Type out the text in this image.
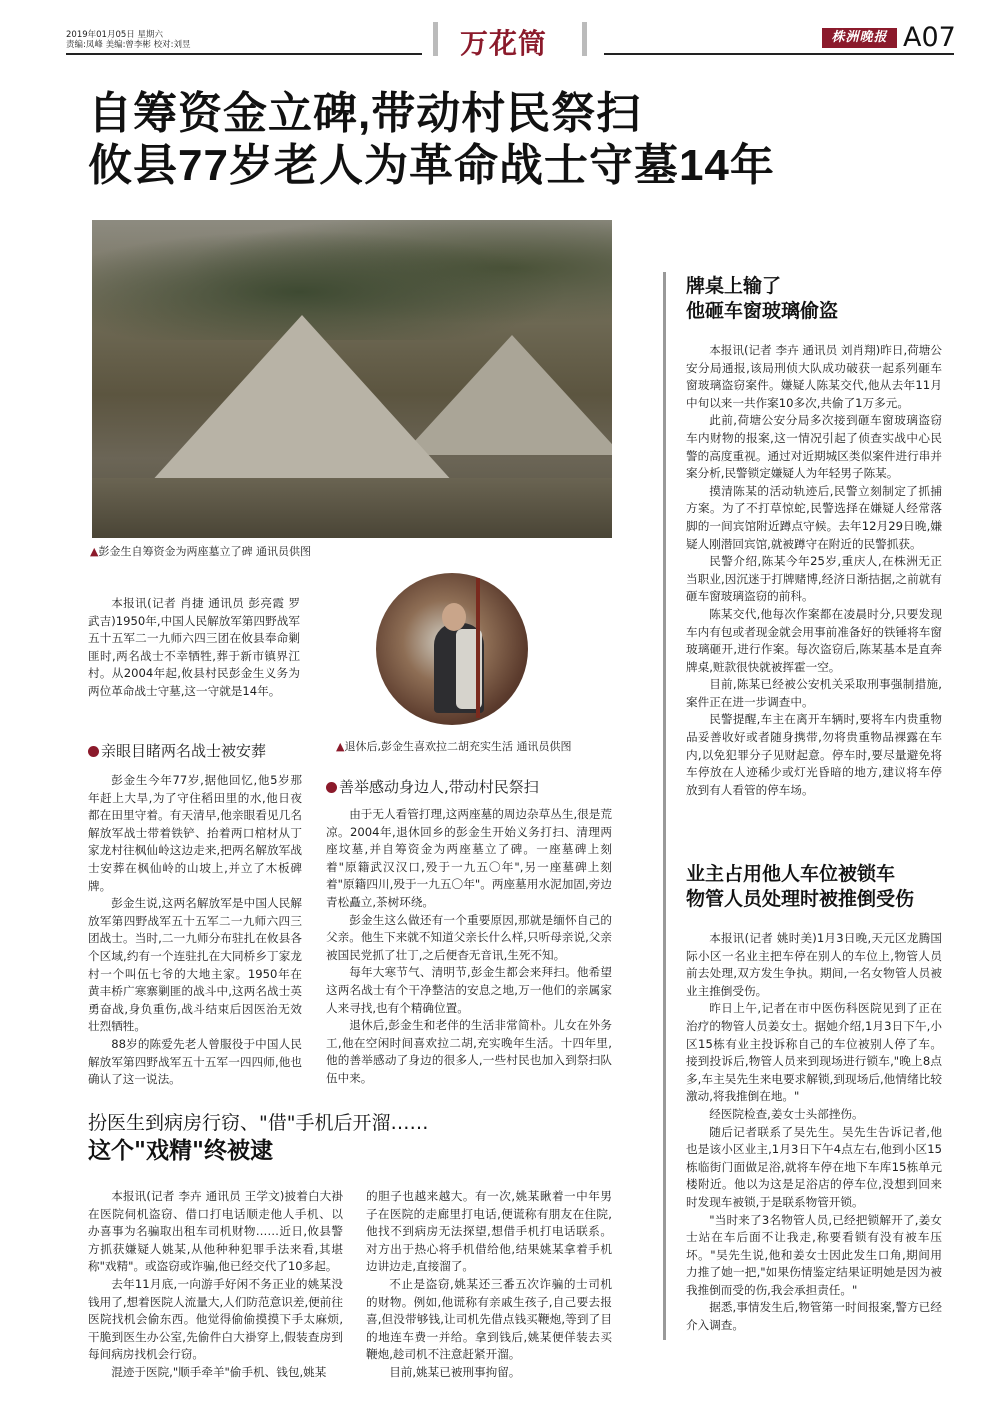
2019年01月05日 星期六
责编:凤峰 美编:曾李彬 校对:刘昱	万花筒	株洲晚报 A07
自筹资金立碑,带动村民祭扫
攸县77岁老人为革命战士守墓14年
▲彭金生自筹资金为两座墓立了碑 通讯员供图

本报讯(记者 肖捷 通讯员 彭亮霞 罗武吉)1950年,中国人民解放军第四野战军五十五军二一九师六四三团在攸县奉命剿匪时,两名战士不幸牺牲,葬于新市镇界江村。从2004年起,攸县村民彭金生义务为两位革命战士守墓,这一守就是14年。

▲退休后,彭金生喜欢拉二胡充实生活 通讯员供图
亲眼目睹两名战士被安葬

彭金生今年77岁,据他回忆,他5岁那年赶上大旱,为了守住稻田里的水,他日夜都在田里守着。有天清早,他亲眼看见几名解放军战士带着铁铲、抬着两口棺材从丁家龙村往枫仙岭这边走来,把两名解放军战士安葬在枫仙岭的山坡上,并立了木板碑牌。

彭金生说,这两名解放军是中国人民解放军第四野战军五十五军二一九师六四三团战士。当时,二一九师分布驻扎在攸县各个区域,约有一个连驻扎在大同桥乡丁家龙村一个叫伍七爷的大地主家。1950年在黄丰桥广寒寨剿匪的战斗中,这两名战士英勇奋战,身负重伤,战斗结束后因医治无效壮烈牺牲。

88岁的陈爱先老人曾服役于中国人民解放军第四野战军五十五军一四四师,他也确认了这一说法。

善举感动身边人,带动村民祭扫

由于无人看管打理,这两座墓的周边杂草丛生,很是荒凉。2004年,退休回乡的彭金生开始义务打扫、清理两座坟墓,并自筹资金为两座墓立了碑。一座墓碑上刻着"原籍武汉汉口,殁于一九五〇年",另一座墓碑上刻着"原籍四川,殁于一九五〇年"。两座墓用水泥加固,旁边青松矗立,茶树环绕。

彭金生这么做还有一个重要原因,那就是缅怀自己的父亲。他生下来就不知道父亲长什么样,只听母亲说,父亲被国民党抓了壮丁,之后便杳无音讯,生死不知。

每年大寒节气、清明节,彭金生都会来拜扫。他希望这两名战士有个干净整洁的安息之地,万一他们的亲属家人来寻找,也有个精确位置。

退休后,彭金生和老伴的生活非常简朴。儿女在外务工,他在空闲时间喜欢拉二胡,充实晚年生活。十四年里,他的善举感动了身边的很多人,一些村民也加入到祭扫队伍中来。

扮医生到病房行窃、"借"手机后开溜……
这个"戏精"终被逮

本报讯(记者 李卉 通讯员 王学文)披着白大褂在医院伺机盗窃、借口打电话顺走他人手机、以办喜事为名骗取出租车司机财物……近日,攸县警方抓获嫌疑人姚某,从他种种犯罪手法来看,其堪称"戏精"。或盗窃或诈骗,他已经交代了10多起。

去年11月底,一向游手好闲不务正业的姚某没钱用了,想着医院人流量大,人们防范意识差,便前往医院找机会偷东西。他觉得偷偷摸摸下手太麻烦,干脆到医生办公室,先偷件白大褂穿上,假装查房到每间病房找机会行窃。

混迹于医院,"顺手牵羊"偷手机、钱包,姚某

的胆子也越来越大。有一次,姚某瞅着一中年男子在医院的走廊里打电话,便谎称有朋友在住院,他找不到病房无法探望,想借手机打电话联系。对方出于热心将手机借给他,结果姚某拿着手机边讲边走,直接溜了。

不止是盗窃,姚某还三番五次诈骗的士司机的财物。例如,他谎称有亲戚生孩子,自己要去报喜,但没带够钱,让司机先借点钱买鞭炮,等到了目的地连车费一并给。拿到钱后,姚某便佯装去买鞭炮,趁司机不注意赶紧开溜。

目前,姚某已被刑事拘留。

牌桌上输了
他砸车窗玻璃偷盗

本报讯(记者 李卉 通讯员 刘肖翔)昨日,荷塘公安分局通报,该局刑侦大队成功破获一起系列砸车窗玻璃盗窃案件。嫌疑人陈某交代,他从去年11月中旬以来一共作案10多次,共偷了1万多元。

此前,荷塘公安分局多次接到砸车窗玻璃盗窃车内财物的报案,这一情况引起了侦查实战中心民警的高度重视。通过对近期城区类似案件进行串并案分析,民警锁定嫌疑人为年轻男子陈某。

摸清陈某的活动轨迹后,民警立刻制定了抓捕方案。为了不打草惊蛇,民警选择在嫌疑人经常落脚的一间宾馆附近蹲点守候。去年12月29日晚,嫌疑人刚潜回宾馆,就被蹲守在附近的民警抓获。

民警介绍,陈某今年25岁,重庆人,在株洲无正当职业,因沉迷于打牌赌博,经济日渐拮据,之前就有砸车窗玻璃盗窃的前科。

陈某交代,他每次作案都在凌晨时分,只要发现车内有包或者现金就会用事前准备好的铁锤将车窗玻璃砸开,进行作案。每次盗窃后,陈某基本是直奔牌桌,赃款很快就被挥霍一空。

目前,陈某已经被公安机关采取刑事强制措施,案件正在进一步调查中。

民警提醒,车主在离开车辆时,要将车内贵重物品妥善收好或者随身携带,勿将贵重物品裸露在车内,以免犯罪分子见财起意。停车时,要尽量避免将车停放在人迹稀少或灯光昏暗的地方,建议将车停放到有人看管的停车场。

业主占用他人车位被锁车
物管人员处理时被推倒受伤

本报讯(记者 姚时美)1月3日晚,天元区龙腾国际小区一名业主把车停在别人的车位上,物管人员前去处理,双方发生争执。期间,一名女物管人员被业主推倒受伤。

昨日上午,记者在市中医伤科医院见到了正在治疗的物管人员姜女士。据她介绍,1月3日下午,小区15栋有业主投诉称自己的车位被别人停了车。接到投诉后,物管人员来到现场进行锁车,"晚上8点多,车主吴先生来电要求解锁,到现场后,他情绪比较激动,将我推倒在地。"

经医院检查,姜女士头部挫伤。

随后记者联系了吴先生。吴先生告诉记者,他也是该小区业主,1月3日下午4点左右,他到小区15栋临街门面做足浴,就将车停在地下车库15栋单元楼附近。他以为这是足浴店的停车位,没想到回来时发现车被锁,于是联系物管开锁。

"当时来了3名物管人员,已经把锁解开了,姜女士站在车后面不让我走,称要看锁有没有被车压坏。"吴先生说,他和姜女士因此发生口角,期间用力推了她一把,"如果伤情鉴定结果证明她是因为被我推倒而受的伤,我会承担责任。"

据悉,事情发生后,物管第一时间报案,警方已经介入调查。
